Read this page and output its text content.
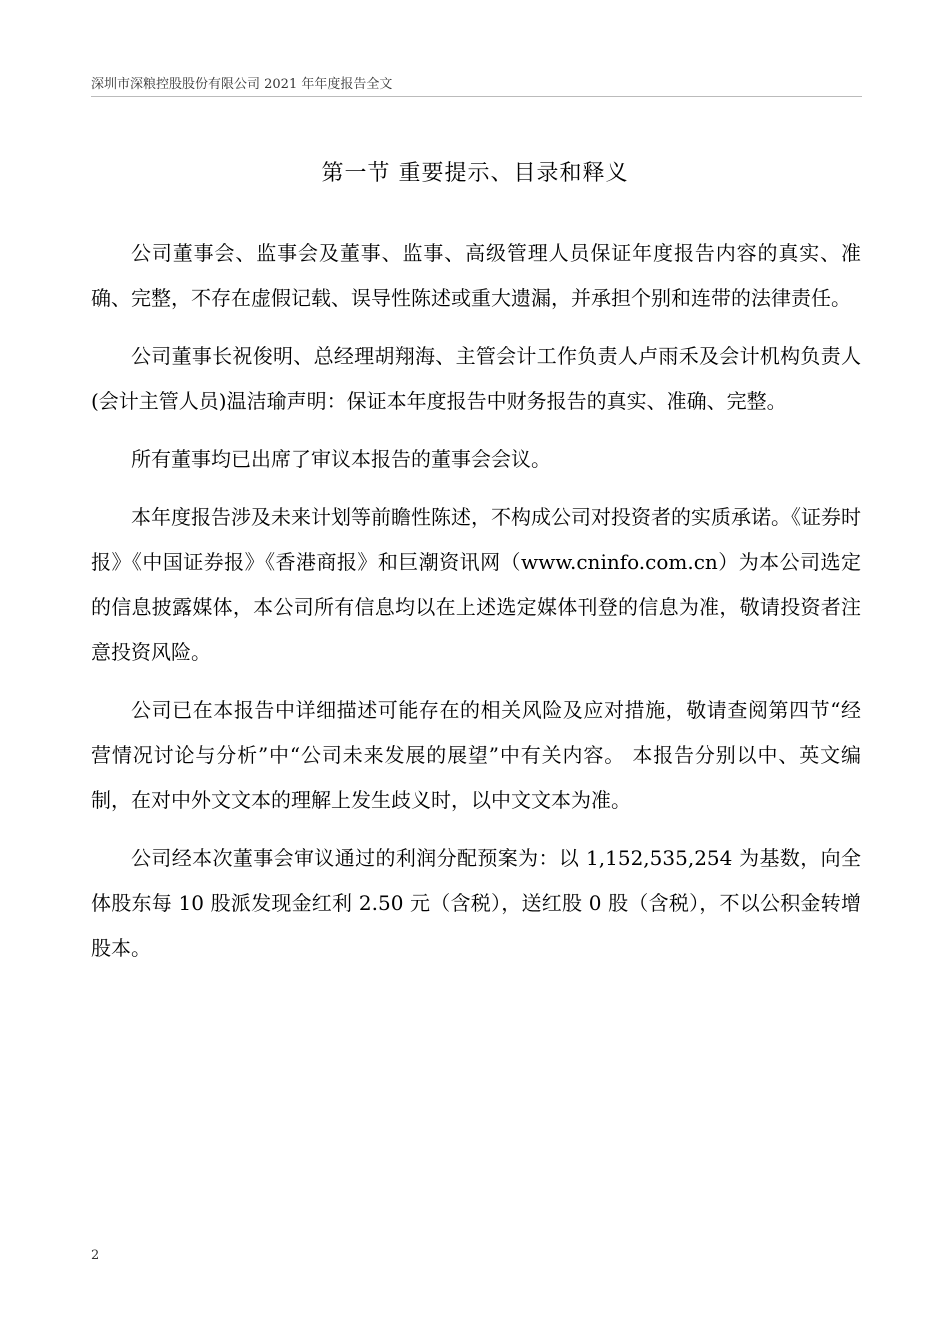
深圳市深粮控股股份有限公司 2021 年年度报告全文
第一节 重要提示、目录和释义

公司董事会、监事会及董事、监事、高级管理人员保证年度报告内容的真实、准确、完整，不存在虚假记载、误导性陈述或重大遗漏，并承担个别和连带的法律责任。

公司董事长祝俊明、总经理胡翔海、主管会计工作负责人卢雨禾及会计机构负责人(会计主管人员)温洁瑜声明：保证本年度报告中财务报告的真实、准确、完整。

所有董事均已出席了审议本报告的董事会会议。

本年度报告涉及未来计划等前瞻性陈述，不构成公司对投资者的实质承诺。《证券时报》《中国证券报》《香港商报》和巨潮资讯网（www.cninfo.com.cn）为本公司选定的信息披露媒体，本公司所有信息均以在上述选定媒体刊登的信息为准，敬请投资者注意投资风险。

公司已在本报告中详细描述可能存在的相关风险及应对措施，敬请查阅第四节“经营情况讨论与分析”中“公司未来发展的展望”中有关内容。 本报告分别以中、英文编制，在对中外文文本的理解上发生歧义时，以中文文本为准。

公司经本次董事会审议通过的利润分配预案为：以 1,152,535,254 为基数，向全体股东每 10 股派发现金红利 2.50 元（含税），送红股 0 股（含税），不以公积金转增股本。

2
